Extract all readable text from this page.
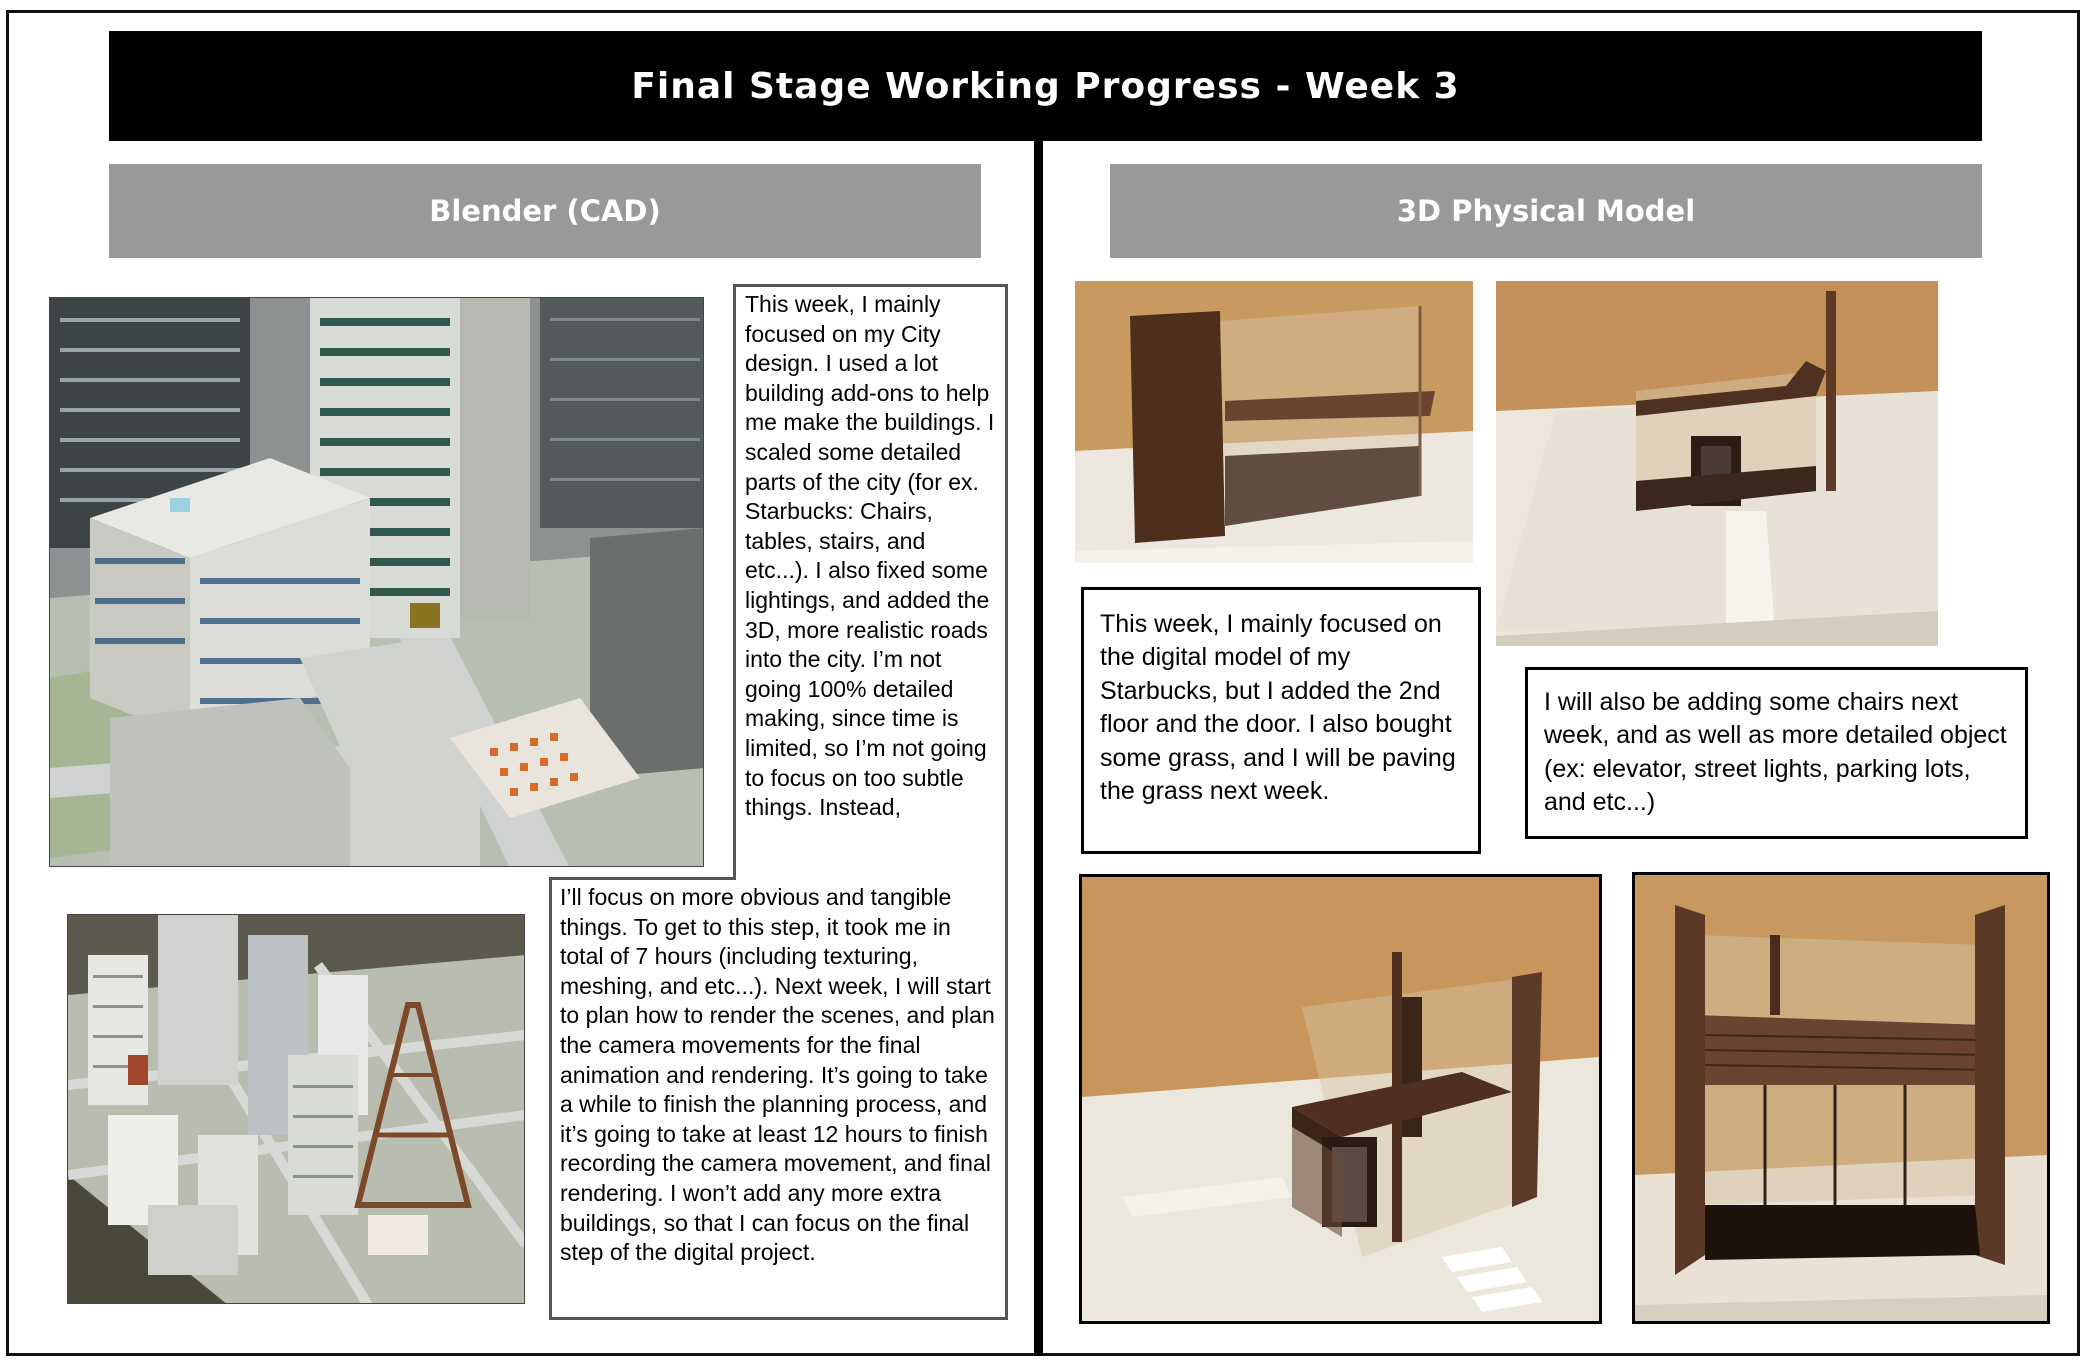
Final Stage Working Progress - Week 3
Blender (CAD)	3D Physical Model
This week, I mainly focused on my City design. I used a lot building add-ons to help me make the buildings. I scaled some detailed parts of the city (for ex. Starbucks: Chairs, tables, stairs, and etc...). I also fixed some lightings, and added the 3D, more realistic roads into the city. I’m not going 100% detailed making, since time is limited, so I’m not going to focus on too subtle things. Instead,
I’ll focus on more obvious and tangible things. To get to this step, it took me in total of 7 hours (including texturing, meshing, and etc...). Next week, I will start to plan how to render the scenes, and plan the camera movements for the final animation and rendering. It’s going to take a while to finish the planning process, and it’s going to take at least 12 hours to finish recording the camera movement, and final rendering. I won’t add any more extra buildings, so that I can focus on the final step of the digital project.
This week, I mainly focused on the digital model of my Starbucks, but I added the 2nd floor and the door. I also bought some grass, and I will be paving the grass next week.
I will also be adding some chairs next week, and as well as more detailed object (ex: elevator, street lights, parking lots, and etc...)
